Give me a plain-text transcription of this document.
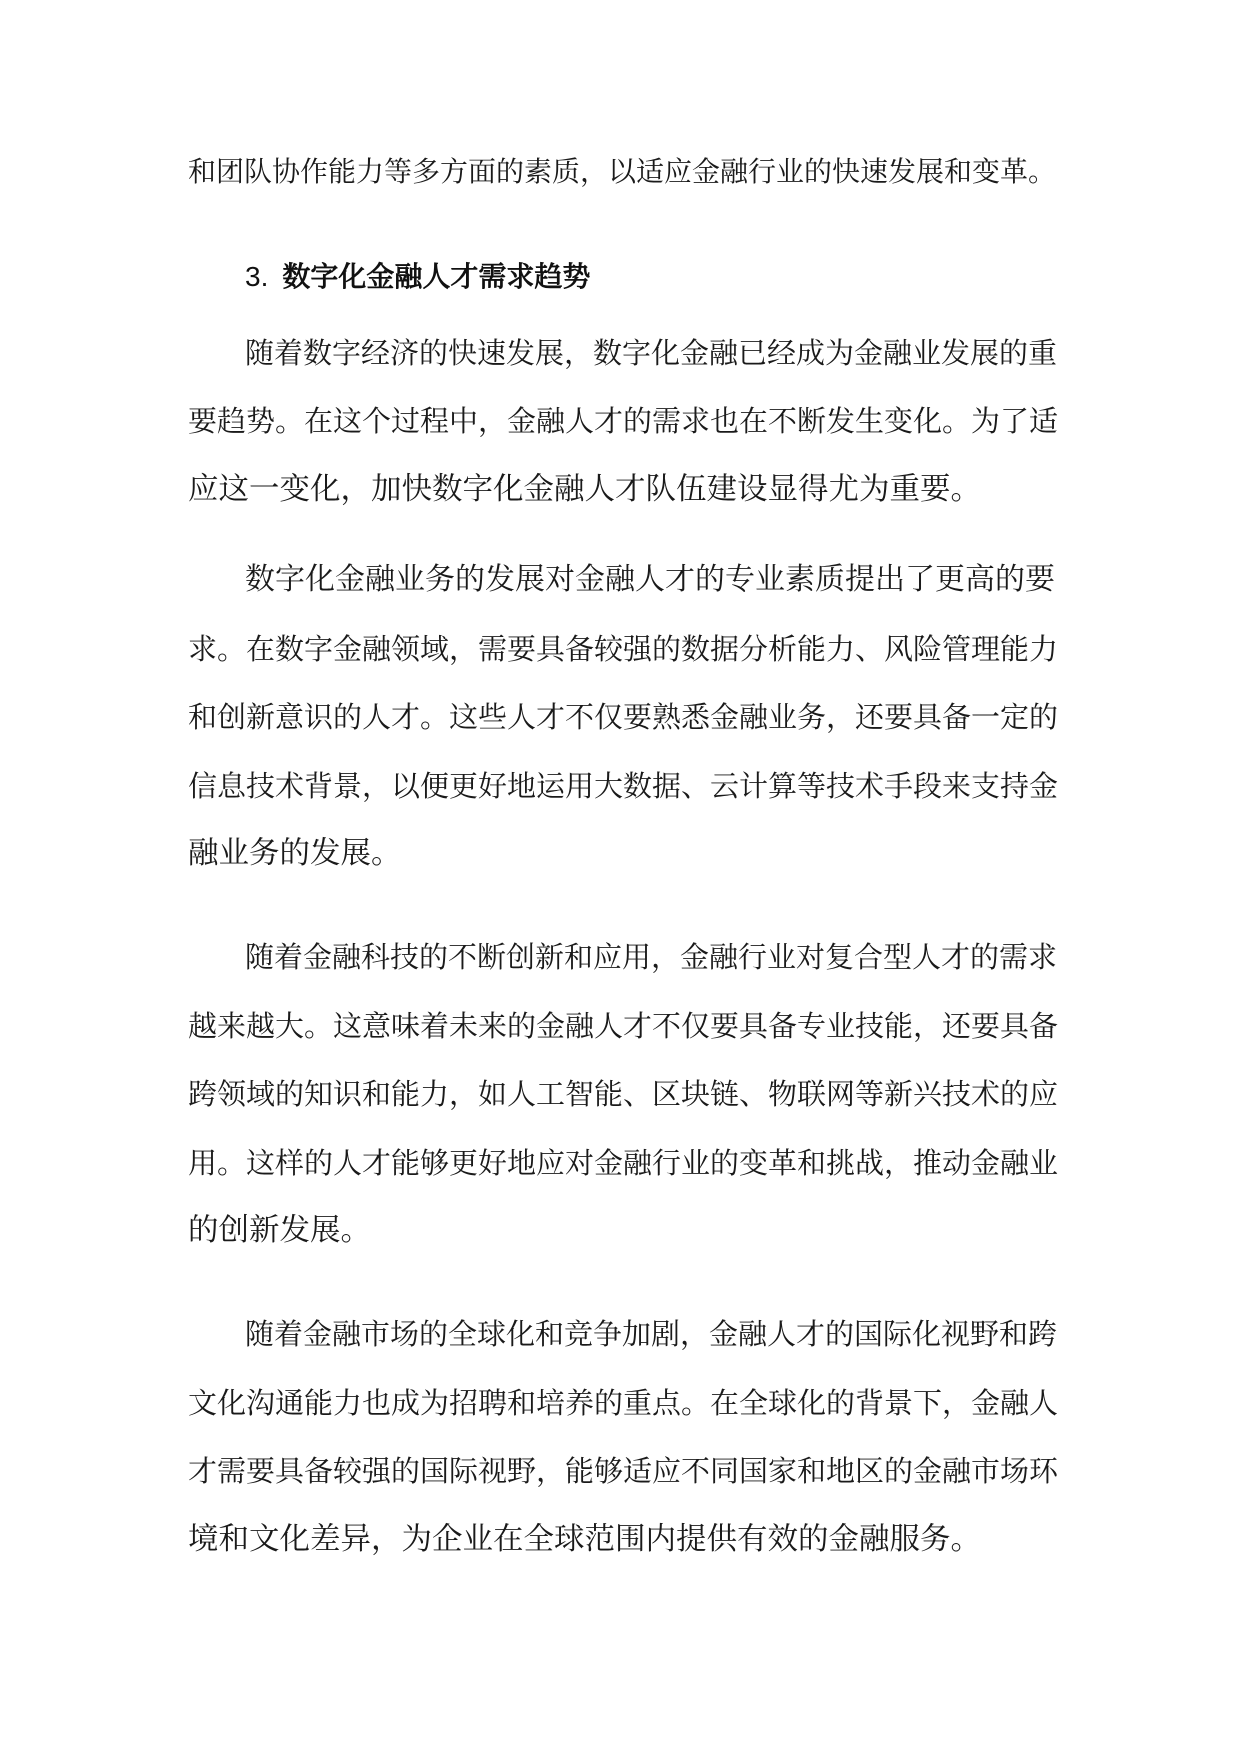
和团队协作能力等多方面的素质，以适应金融行业的快速发展和变革。
3. 数字化金融人才需求趋势
随着数字经济的快速发展，数字化金融已经成为金融业发展的重
要趋势。在这个过程中，金融人才的需求也在不断发生变化。为了适
应这一变化，加快数字化金融人才队伍建设显得尤为重要。
数字化金融业务的发展对金融人才的专业素质提出了更高的要
求。在数字金融领域，需要具备较强的数据分析能力、风险管理能力
和创新意识的人才。这些人才不仅要熟悉金融业务，还要具备一定的
信息技术背景，以便更好地运用大数据、云计算等技术手段来支持金
融业务的发展。
随着金融科技的不断创新和应用，金融行业对复合型人才的需求
越来越大。这意味着未来的金融人才不仅要具备专业技能，还要具备
跨领域的知识和能力，如人工智能、区块链、物联网等新兴技术的应
用。这样的人才能够更好地应对金融行业的变革和挑战，推动金融业
的创新发展。
随着金融市场的全球化和竞争加剧，金融人才的国际化视野和跨
文化沟通能力也成为招聘和培养的重点。在全球化的背景下，金融人
才需要具备较强的国际视野，能够适应不同国家和地区的金融市场环
境和文化差异，为企业在全球范围内提供有效的金融服务。
